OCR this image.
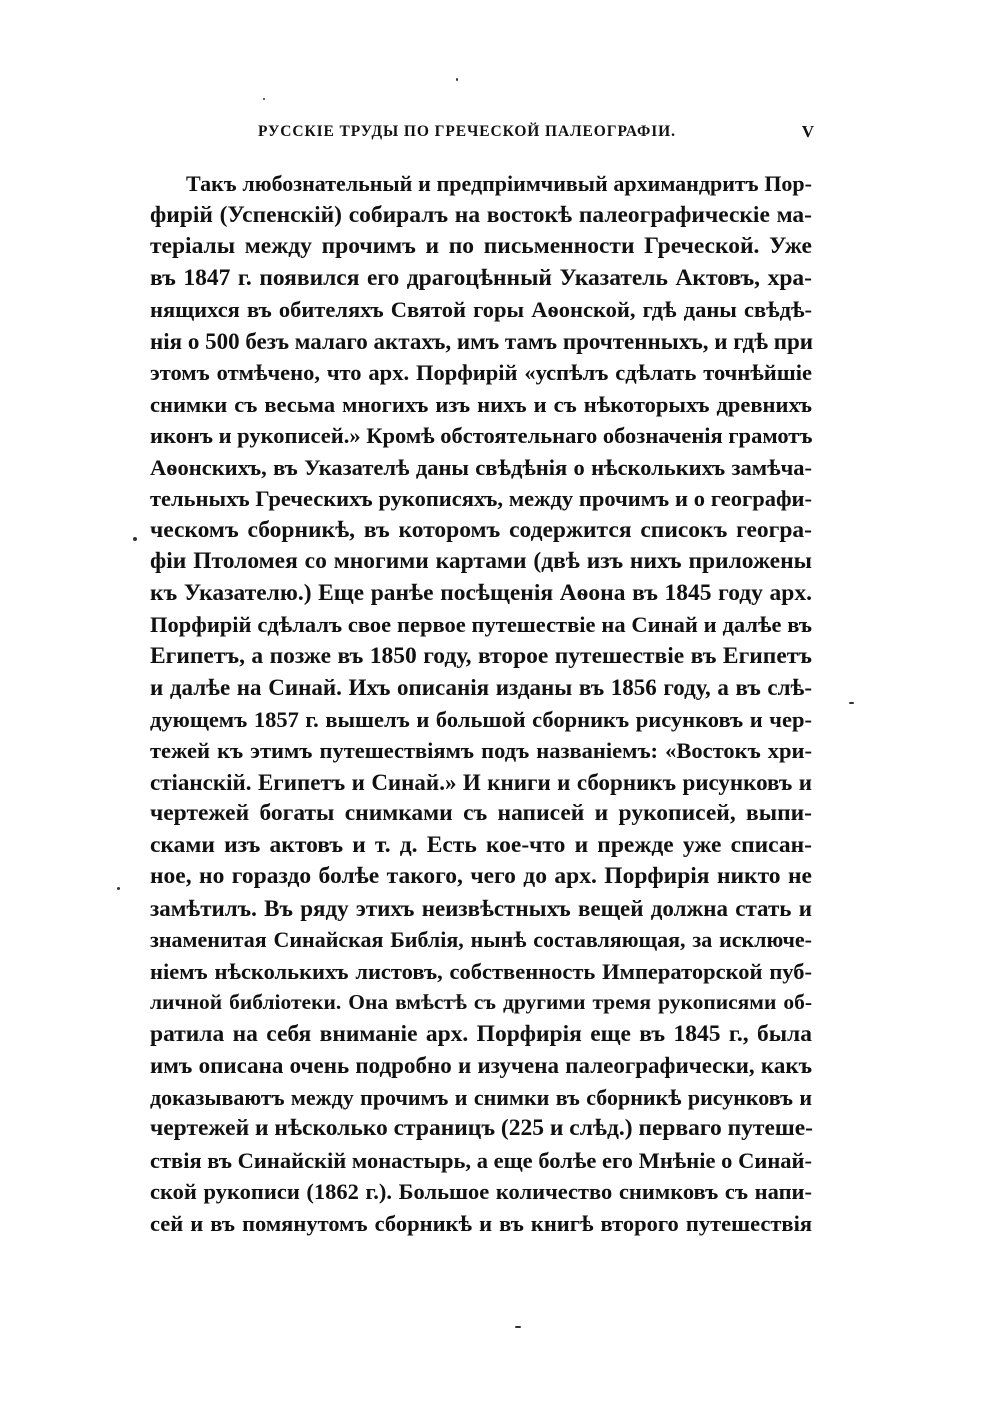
РУССКІЕ ТРУДЫ ПО ГРЕЧЕСКОЙ ПАЛЕОГРАФІИ.	V
Такъ любознательный и предпріимчивый архимандритъ Пор-
фирій (Успенскій) собиралъ на востокѣ палеографическіе ма-
теріалы между прочимъ и по письменности Греческой. Уже
въ 1847 г. появился его драгоцѣнный Указатель Актовъ, хра-
нящихся въ обителяхъ Святой горы Аѳонской, гдѣ даны свѣдѣ-
нія о 500 безъ малаго актахъ, имъ тамъ прочтенныхъ, и гдѣ при
этомъ отмѣчено, что арх. Порфирій «успѣлъ сдѣлать точнѣйшіе
снимки съ весьма многихъ изъ нихъ и съ нѣкоторыхъ древнихъ
иконъ и рукописей.» Кромѣ обстоятельнаго обозначенія грамотъ
Аѳонскихъ, въ Указателѣ даны свѣдѣнія о нѣсколькихъ замѣча-
тельныхъ Греческихъ рукописяхъ, между прочимъ и о географи-
ческомъ сборникѣ, въ которомъ содержится списокъ геогра-
фіи Птоломея со многими картами (двѣ изъ нихъ приложены
къ Указателю.) Еще ранѣе посѣщенія Аѳона въ 1845 году арх.
Порфирій сдѣлалъ свое первое путешествіе на Синай и далѣе въ
Египетъ, а позже въ 1850 году, второе путешествіе въ Египетъ
и далѣе на Синай. Ихъ описанія изданы въ 1856 году, а въ слѣ-
дующемъ 1857 г. вышелъ и большой сборникъ рисунковъ и чер-
тежей къ этимъ путешествіямъ подъ названіемъ: «Востокъ хри-
стіанскій. Египетъ и Синай.» И книги и сборникъ рисунковъ и
чертежей богаты снимками съ написей и рукописей, выпи-
сками изъ актовъ и т. д. Есть кое-что и прежде уже списан-
ное, но гораздо болѣе такого, чего до арх. Порфирія никто не
замѣтилъ. Въ ряду этихъ неизвѣстныхъ вещей должна стать и
знаменитая Синайская Библія, нынѣ составляющая, за исключе-
ніемъ нѣсколькихъ листовъ, собственность Императорской пуб-
личной библіотеки. Она вмѣстѣ съ другими тремя рукописями об-
ратила на себя вниманіе арх. Порфирія еще въ 1845 г., была
имъ описана очень подробно и изучена палеографически, какъ
доказываютъ между прочимъ и снимки въ сборникѣ рисунковъ и
чертежей и нѣсколько страницъ (225 и слѣд.) перваго путеше-
ствія въ Синайскій монастырь, а еще болѣе его Мнѣніе о Синай-
ской рукописи (1862 г.). Большое количество снимковъ съ напи-
сей и въ помянутомъ сборникѣ и въ книгѣ второго путешествія
